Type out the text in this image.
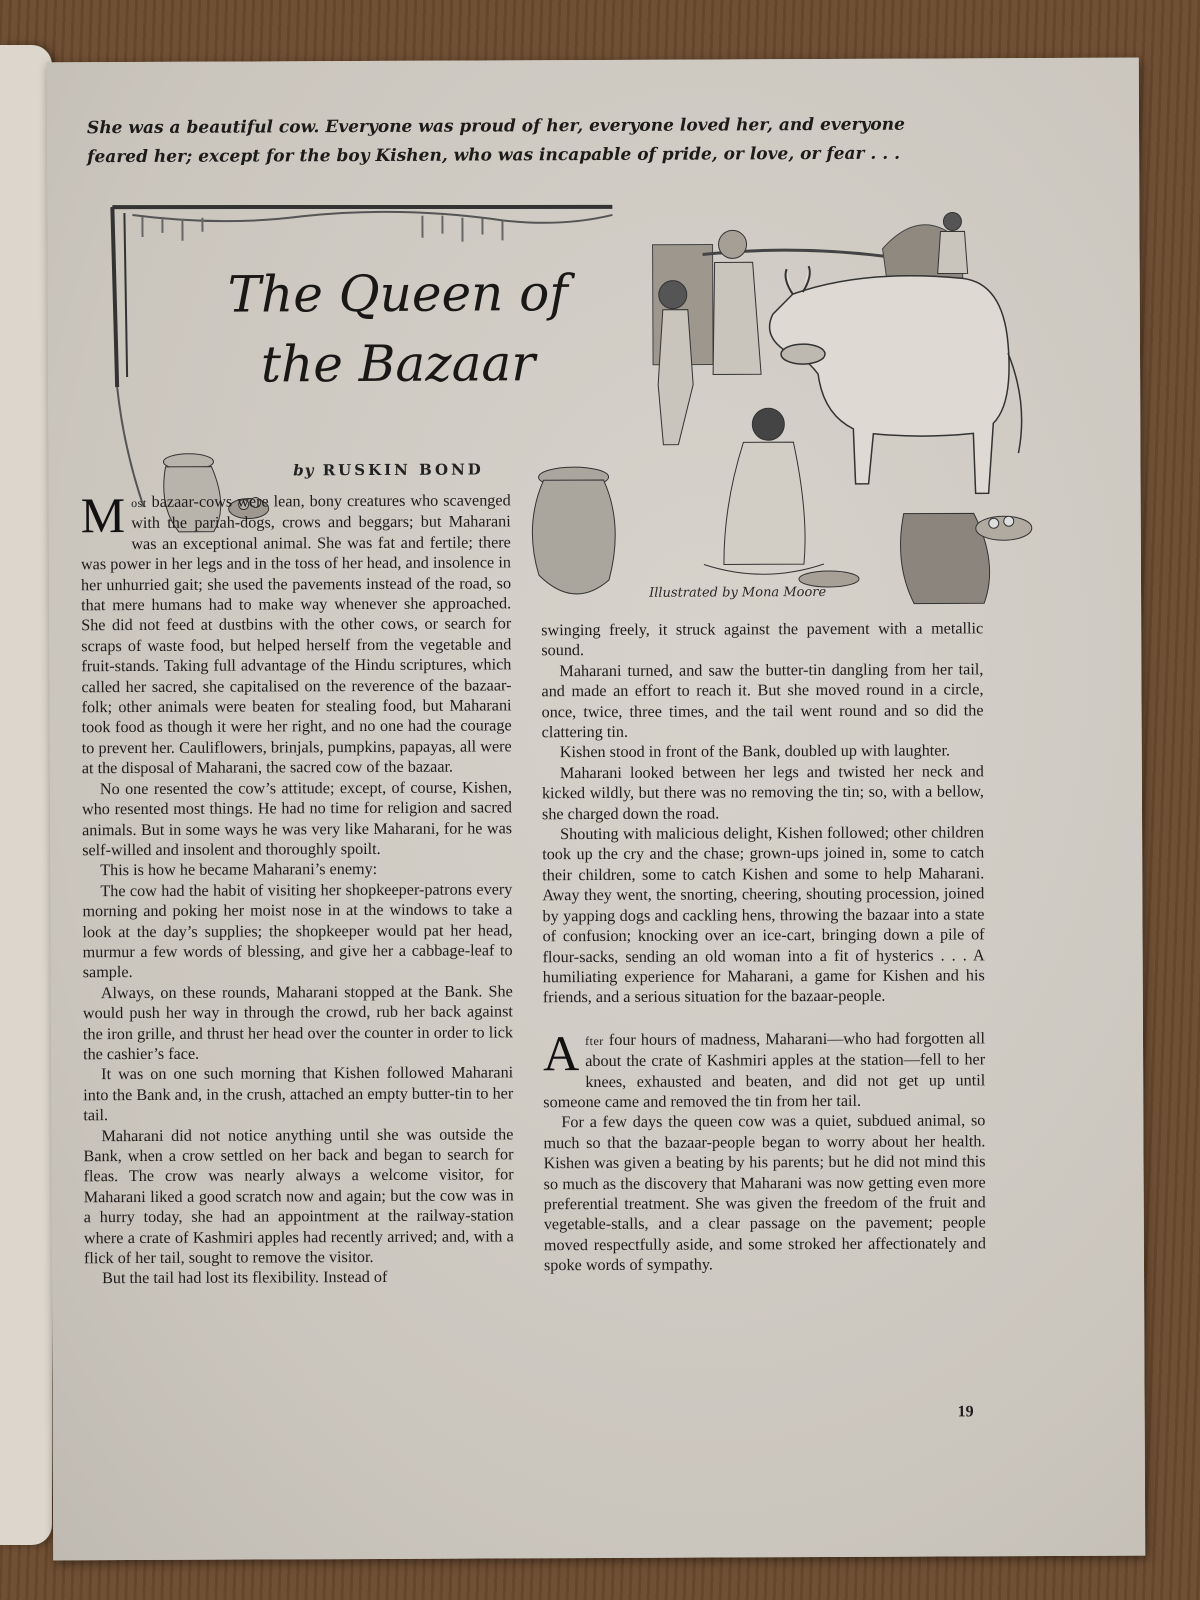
She was a beautiful cow. Everyone was proud of her, everyone loved her, and everyone

feared her; except for the boy Kishen, who was incapable of pride, or love, or fear . . .

The Queen of
the Bazaar
by RUSKIN BOND
Illustrated by Mona Moore

Most bazaar-cows were lean, bony creatures who scavenged with the pariah-dogs, crows and beggars; but Maharani was an exceptional animal. She was fat and fertile; there was power in her legs and in the toss of her head, and insolence in her unhurried gait; she used the pavements instead of the road, so that mere humans had to make way whenever she approached. She did not feed at dustbins with the other cows, or search for scraps of waste food, but helped herself from the vegetable and fruit-stands. Taking full advantage of the Hindu scriptures, which called her sacred, she capitalised on the reverence of the bazaar-folk; other animals were beaten for stealing food, but Maharani took food as though it were her right, and no one had the courage to prevent her. Cauliflowers, brinjals, pumpkins, papayas, all were at the disposal of Maharani, the sacred cow of the bazaar.

No one resented the cow’s attitude; except, of course, Kishen, who resented most things. He had no time for religion and sacred animals. But in some ways he was very like Maharani, for he was self-willed and insolent and thoroughly spoilt.

This is how he became Maharani’s enemy:

The cow had the habit of visiting her shopkeeper-patrons every morning and poking her moist nose in at the windows to take a look at the day’s supplies; the shopkeeper would pat her head, murmur a few words of blessing, and give her a cabbage-leaf to sample.

Always, on these rounds, Maharani stopped at the Bank. She would push her way in through the crowd, rub her back against the iron grille, and thrust her head over the counter in order to lick the cashier’s face.

It was on one such morning that Kishen followed Maharani into the Bank and, in the crush, attached an empty butter-tin to her tail.

Maharani did not notice anything until she was outside the Bank, when a crow settled on her back and began to search for fleas. The crow was nearly always a welcome visitor, for Maharani liked a good scratch now and again; but the cow was in a hurry today, she had an appointment at the railway-station where a crate of Kashmiri apples had recently arrived; and, with a flick of her tail, sought to remove the visitor.

But the tail had lost its flexibility. Instead of

swinging freely, it struck against the pavement with a metallic sound.

Maharani turned, and saw the butter-tin dangling from her tail, and made an effort to reach it. But she moved round in a circle, once, twice, three times, and the tail went round and so did the clattering tin.

Kishen stood in front of the Bank, doubled up with laughter.

Maharani looked between her legs and twisted her neck and kicked wildly, but there was no removing the tin; so, with a bellow, she charged down the road.

Shouting with malicious delight, Kishen followed; other children took up the cry and the chase; grown-ups joined in, some to catch their children, some to catch Kishen and some to help Maharani. Away they went, the snorting, cheering, shouting procession, joined by yapping dogs and cackling hens, throwing the bazaar into a state of confusion; knocking over an ice-cart, bringing down a pile of flour-sacks, sending an old woman into a fit of hysterics . . . A humiliating experience for Maharani, a game for Kishen and his friends, and a serious situation for the bazaar-people.

After four hours of madness, Maharani—who had forgotten all about the crate of Kashmiri apples at the station—fell to her knees, exhausted and beaten, and did not get up until someone came and removed the tin from her tail.

For a few days the queen cow was a quiet, subdued animal, so much so that the bazaar-people began to worry about her health. Kishen was given a beating by his parents; but he did not mind this so much as the discovery that Maharani was now getting even more preferential treatment. She was given the freedom of the fruit and vegetable-stalls, and a clear passage on the pavement; people moved respectfully aside, and some stroked her affectionately and spoke words of sympathy.

19
